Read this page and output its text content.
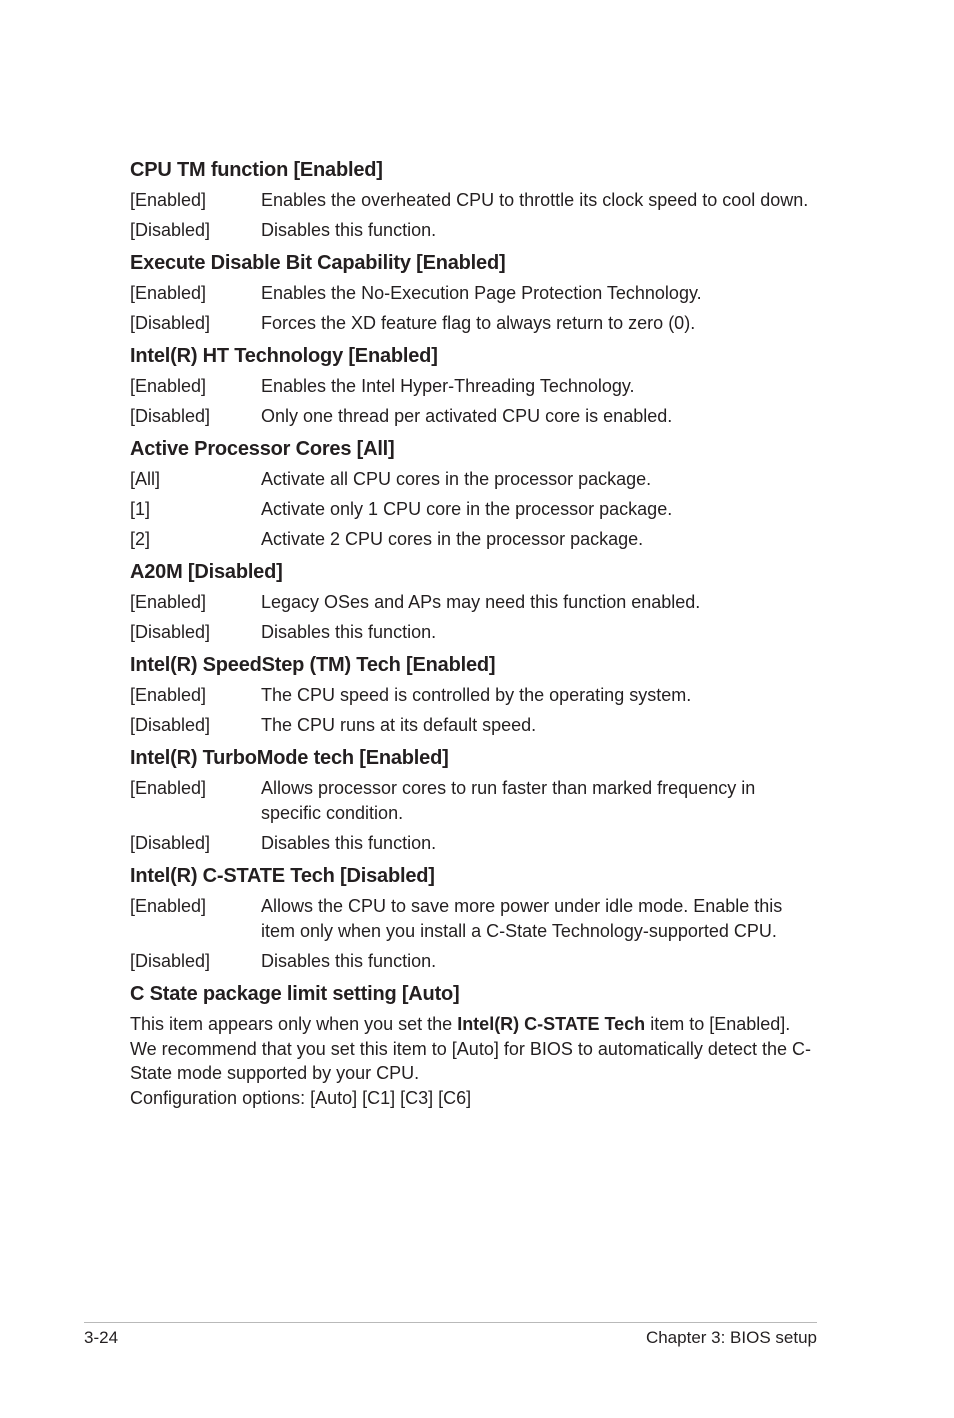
CPU TM function [Enabled]
[Enabled]	Enables the overheated CPU to throttle its clock speed to cool down.
[Disabled]	Disables this function.
Execute Disable Bit Capability [Enabled]
[Enabled]	Enables the No-Execution Page Protection Technology.
[Disabled]	Forces the XD feature flag to always return to zero (0).
Intel(R) HT Technology [Enabled]
[Enabled]	Enables the Intel Hyper-Threading Technology.
[Disabled]	Only one thread per activated CPU core is enabled.
Active Processor Cores [All]
[All]	Activate all CPU cores in the processor package.
[1]	Activate only 1 CPU core in the processor package.
[2]	Activate 2 CPU cores in the processor package.
A20M [Disabled]
[Enabled]	Legacy OSes and APs may need this function enabled.
[Disabled]	Disables this function.
Intel(R) SpeedStep (TM) Tech [Enabled]
[Enabled]	The CPU speed is controlled by the operating system.
[Disabled]	The CPU runs at its default speed.
Intel(R) TurboMode tech [Enabled]
[Enabled]	Allows processor cores to run faster than marked frequency in specific condition.
[Disabled]	Disables this function.
Intel(R) C-STATE Tech [Disabled]
[Enabled]	Allows the CPU to save more power under idle mode. Enable this item only when you install a C-State Technology-supported CPU.
[Disabled]	Disables this function.
C State package limit setting [Auto]
This item appears only when you set the Intel(R) C-STATE Tech item to [Enabled]. We recommend that you set this item to [Auto] for BIOS to automatically detect the C-State mode supported by your CPU.
Configuration options: [Auto] [C1] [C3] [C6]
3-24	Chapter 3: BIOS setup
